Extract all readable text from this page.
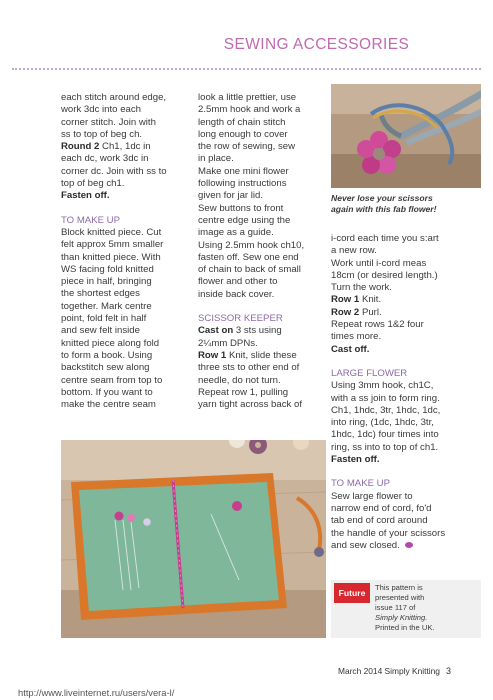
SEWING ACCESSORIES

each stitch around edge,

work 3dc into each

corner stitch. Join with

ss to top of beg ch.

Round 2 Ch1, 1dc in

each dc, work 3dc in

corner dc. Join with ss to

top of beg ch1.

Fasten off.

TO MAKE UP

Block knitted piece. Cut

felt approx 5mm smaller

than knitted piece. With

WS facing fold knitted

piece in half, bringing

the shortest edges

together. Mark centre

point, fold felt in half

and sew felt inside

knitted piece along fold

to form a book. Using

backstitch sew along

centre seam from top to

bottom. If you want to

make the centre seam

look a little prettier, use

2.5mm hook and work a

length of chain stitch

long enough to cover

the row of sewing, sew

in place.

Make one mini flower

following instructions

given for jar lid.

Sew buttons to front

centre edge using the

image as a guide.

Using 2.5mm hook ch10,

fasten off. Sew one end

of chain to back of small

flower and other to

inside back cover.

SCISSOR KEEPER

Cast on 3 sts using

2¼mm DPNs.

Row 1 Knit, slide these

three sts to other end of

needle, do not turn.

Repeat row 1, pulling

yarn tight across back of

Never lose your scissors
again with this fab flower!

i-cord each time you s:art

a new row.

Work until i-cord meas

18cm (or desired length.)

Turn the work.

Row 1 Knit.

Row 2 Purl.

Repeat rows 1&2 four

times more.

Cast off.

LARGE FLOWER

Using 3mm hook, ch1C,

with a ss join to form ring.

Ch1, 1hdc, 3tr, 1hdc, 1dc,

into ring, (1dc, 1hdc, 3tr,

1hdc, 1dc) four times into

ring, ss into to top of ch1.

Fasten off.

TO MAKE UP

Sew large flower to

narrow end of cord, fo'd

tab end of cord around

the handle of your scissors

and sew closed.

Future
This pattern is
presented with
issue 117 of
Simply Knitting.
Printed in the UK.
March 2014 Simply Knitting 3
http://www.liveinternet.ru/users/vera-l/
